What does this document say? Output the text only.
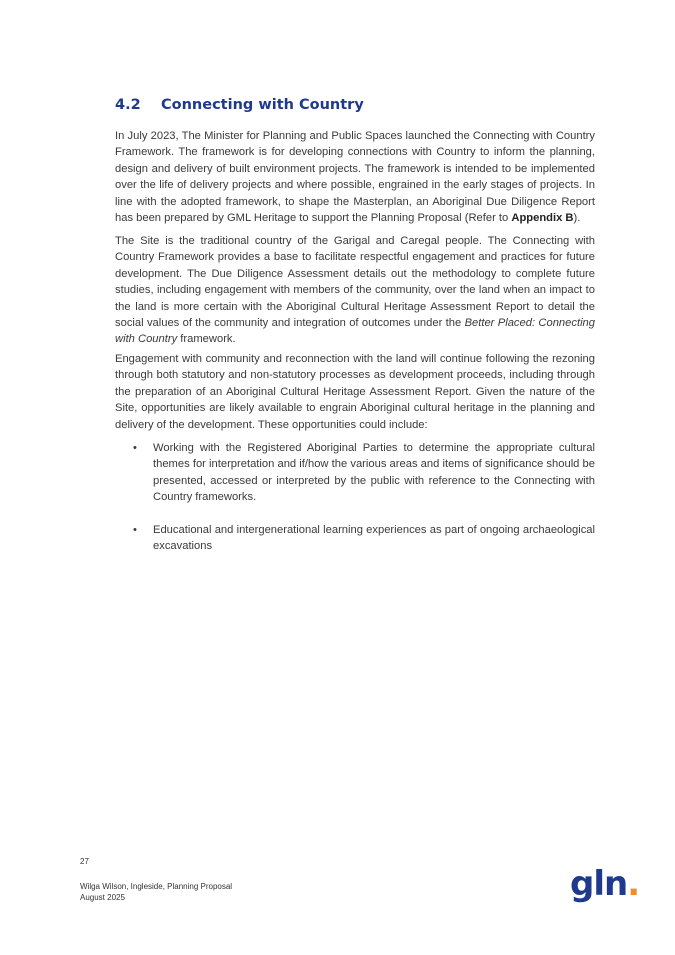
4.2 Connecting with Country

In July 2023, The Minister for Planning and Public Spaces launched the Connecting with Country Framework. The framework is for developing connections with Country to inform the planning, design and delivery of built environment projects. The framework is intended to be implemented over the life of delivery projects and where possible, engrained in the early stages of projects. In line with the adopted framework, to shape the Masterplan, an Aboriginal Due Diligence Report has been prepared by GML Heritage to support the Planning Proposal (Refer to Appendix B).

The Site is the traditional country of the Garigal and Caregal people. The Connecting with Country Framework provides a base to facilitate respectful engagement and practices for future development. The Due Diligence Assessment details out the methodology to complete future studies, including engagement with members of the community, over the land when an impact to the land is more certain with the Aboriginal Cultural Heritage Assessment Report to detail the social values of the community and integration of outcomes under the Better Placed: Connecting with Country framework.

Engagement with community and reconnection with the land will continue following the rezoning through both statutory and non-statutory processes as development proceeds, including through the preparation of an Aboriginal Cultural Heritage Assessment Report. Given the nature of the Site, opportunities are likely available to engrain Aboriginal cultural heritage in the planning and delivery of the development. These opportunities could include:

• Working with the Registered Aboriginal Parties to determine the appropriate cultural themes for interpretation and if/how the various areas and items of significance should be presented, accessed or interpreted by the public with reference to the Connecting with Country frameworks.
• Educational and intergenerational learning experiences as part of ongoing archaeological excavations
27
Wilga Wilson, Ingleside, Planning Proposal
August 2025	gln.
